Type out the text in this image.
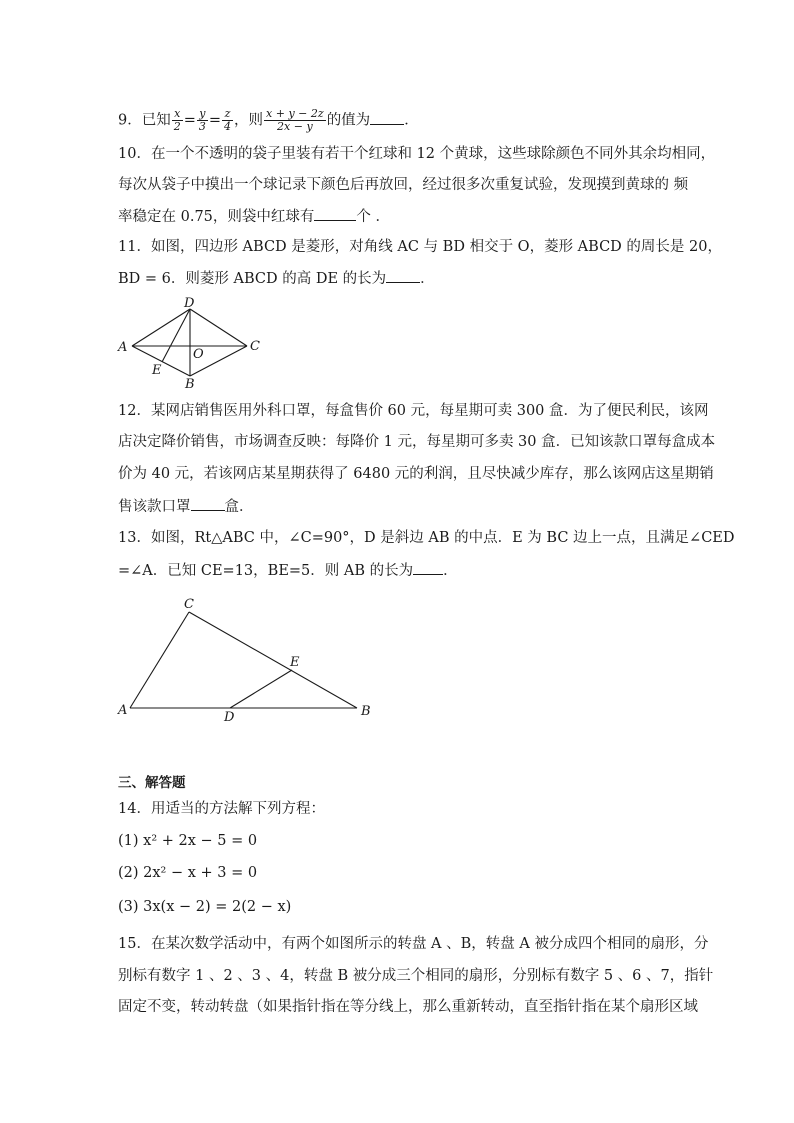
9．已知 $\frac{x}{2} = \frac{y}{3} = \frac{z}{4}$ ，则 $\frac{x + y - 2z}{2x - y}$ 的值为 ．
10．在一个不透明的袋子里装有若干个红球和 12 个黄球，这些球除颜色不同外其余均相同，
每次从袋子中摸出一个球记录下颜色后再放回，经过很多次重复试验，发现摸到黄球的 频
率稳定在 0.75，则袋中红球有	个 ．
11．如图，四边形 ABCD 是菱形，对角线 AC 与 BD 相交于 O，菱形 ABCD 的周长是 20，
BD = 6．则菱形 ABCD 的高 DE 的长为 ．
D
A	O
C
E
B
12．某网店销售医用外科口罩，每盒售价 60 元，每星期可卖 300 盒．为了便民利民，该网
店决定降价销售，市场调查反映：每降价 1 元，每星期可多卖 30 盒．已知该款口罩每盒成本
价为 40 元，若该网店某星期获得了 6480 元的利润，且尽快减少库存，那么该网店这星期销
售该款口罩 盒．
13．如图，Rt△ABC 中，∠C=90°，D 是斜边 AB 的中点．E 为 BC 边上一点，且满足∠CED
=∠A．已知 CE=13，BE=5．则 AB 的长为 ．
C
E
A	D	B
三、解答题
14．用适当的方法解下列方程：
(1) x² + 2x − 5 = 0
(2) 2x² − x + 3 = 0
(3) 3x(x − 2) = 2(2 − x)
15．在某次数学活动中，有两个如图所示的转盘 A 、B，转盘 A 被分成四个相同的扇形，分
别标有数字 1 、2 、3 、4，转盘 B 被分成三个相同的扇形，分别标有数字 5 、6 、7，指针
固定不变，转动转盘（如果指针指在等分线上，那么重新转动，直至指针指在某个扇形区域
